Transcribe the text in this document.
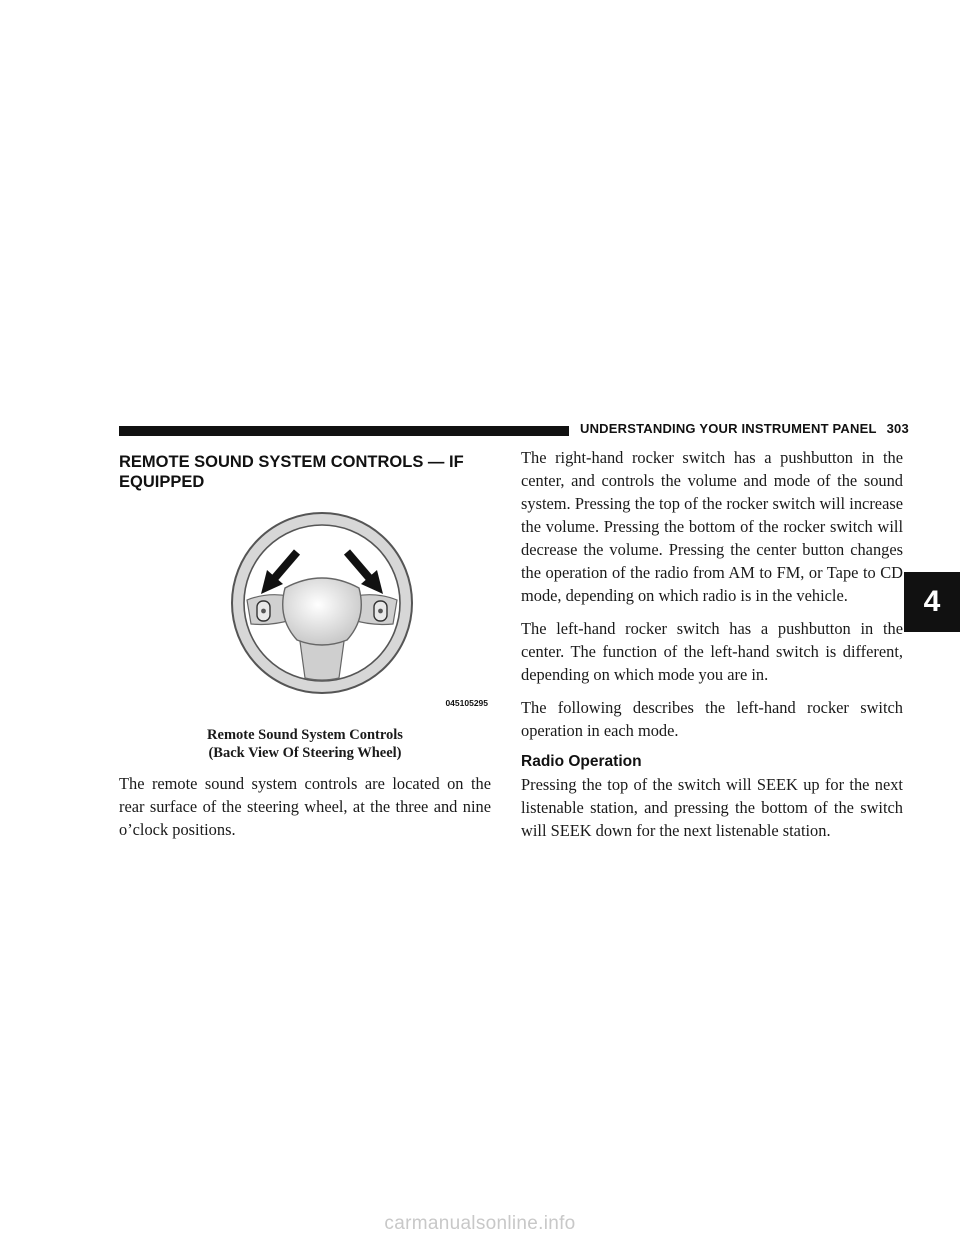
UNDERSTANDING YOUR INSTRUMENT PANEL 303
4
REMOTE SOUND SYSTEM CONTROLS — IF EQUIPPED
045105295
Remote Sound System Controls
(Back View Of Steering Wheel)

The remote sound system controls are located on the rear surface of the steering wheel, at the three and nine o’clock positions.

The right-hand rocker switch has a pushbutton in the center, and controls the volume and mode of the sound system. Pressing the top of the rocker switch will increase the volume. Pressing the bottom of the rocker switch will decrease the volume. Pressing the center button changes the operation of the radio from AM to FM, or Tape to CD mode, depending on which radio is in the vehicle.

The left-hand rocker switch has a pushbutton in the center. The function of the left-hand switch is different, depending on which mode you are in.

The following describes the left-hand rocker switch operation in each mode.

Radio Operation

Pressing the top of the switch will SEEK up for the next listenable station, and pressing the bottom of the switch will SEEK down for the next listenable station.

carmanualsonline.info
